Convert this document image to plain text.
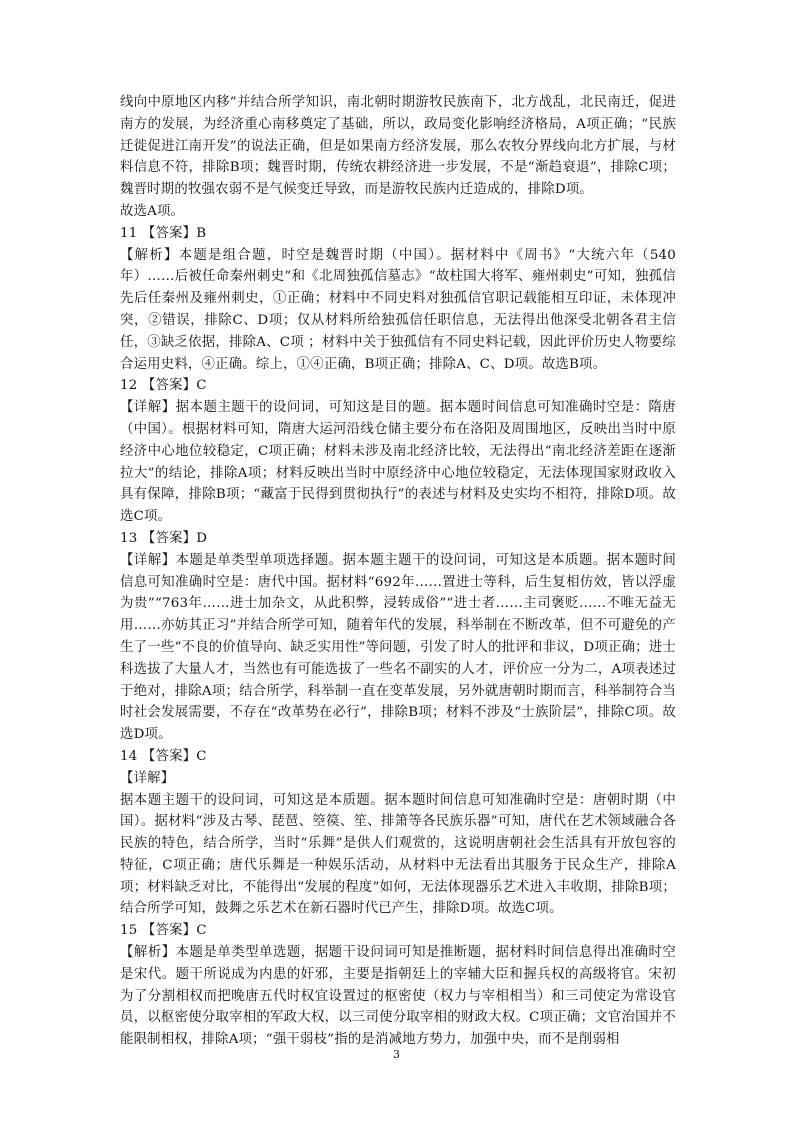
线向中原地区内移”并结合所学知识，南北朝时期游牧民族南下，北方战乱，北民南迁，促进南方的发展，为经济重心南移奠定了基础，所以，政局变化影响经济格局，A项正确；“民族迁徙促进江南开发”的说法正确，但是如果南方经济发展，那么农牧分界线向北方扩展，与材料信息不符，排除B项；魏晋时期，传统农耕经济进一步发展，不是“渐趋衰退”，排除C项；魏晋时期的牧强农弱不是气候变迁导致，而是游牧民族内迁造成的，排除D项。

故选A项。

11 【答案】B

【解析】本题是组合题，时空是魏晋时期（中国）。据材料中《周书》“大统六年（540年）……后被任命秦州刺史”和《北周独孤信墓志》“故柱国大将军、雍州刺史”可知，独孤信先后任秦州及雍州刺史，①正确；材料中不同史料对独孤信官职记载能相互印证，未体现冲突，②错误，排除C、D项；仅从材料所给独孤信任职信息，无法得出他深受北朝各君主信任，③缺乏依据，排除A、C项 ；材料中关于独孤信有不同史料记载，因此评价历史人物要综合运用史料，④正确。综上，①④正确，B项正确；排除A、C、D项。故选B项。

12 【答案】C

【详解】据本题主题干的设问词，可知这是目的题。据本题时间信息可知准确时空是：隋唐（中国）。根据材料可知，隋唐大运河沿线仓储主要分布在洛阳及周围地区，反映出当时中原经济中心地位较稳定，C项正确；材料未涉及南北经济比较，无法得出“南北经济差距在逐渐拉大”的结论，排除A项；材料反映出当时中原经济中心地位较稳定，无法体现国家财政收入具有保障，排除B项；“藏富于民得到贯彻执行”的表述与材料及史实均不相符，排除D项。故选C项。

13 【答案】D

【详解】本题是单类型单项选择题。据本题主题干的设问词，可知这是本质题。据本题时间信息可知准确时空是：唐代中国。据材料“692年……置进士等科，后生复相仿效，皆以浮虚为贵”“763年……进士加杂文，从此积弊，浸转成俗”“进士者……主司褒贬……不唯无益无用……亦妨其正习”并结合所学可知，随着年代的发展，科举制在不断改革，但不可避免的产生了一些“不良的价值导向、缺乏实用性”等问题，引发了时人的批评和非议，D项正确；进士科选拔了大量人才，当然也有可能选拔了一些名不副实的人才，评价应一分为二，A项表述过于绝对，排除A项；结合所学，科举制一直在变革发展，另外就唐朝时期而言，科举制符合当时社会发展需要，不存在“改革势在必行”，排除B项；材料不涉及“士族阶层”，排除C项。故选D项。

14 【答案】C

【详解】

据本题主题干的设问词，可知这是本质题。据本题时间信息可知准确时空是：唐朝时期（中国）。据材料“涉及古琴、琵琶、箜篌、笙、排箫等各民族乐器”可知，唐代在艺术领域融合各民族的特色，结合所学，当时“乐舞”是供人们观赏的，这说明唐朝社会生活具有开放包容的特征，C项正确；唐代乐舞是一种娱乐活动，从材料中无法看出其服务于民众生产，排除A项；材料缺乏对比，不能得出“发展的程度”如何，无法体现器乐艺术进入丰收期，排除B项；结合所学可知，鼓舞之乐艺术在新石器时代已产生，排除D项。故选C项。

15 【答案】C

【解析】本题是单类型单选题，据题干设问词可知是推断题，据材料时间信息得出准确时空是宋代。题干所说成为内患的奸邪，主要是指朝廷上的宰辅大臣和握兵权的高级将官。宋初为了分割相权而把晚唐五代时权宜设置过的枢密使（权力与宰相相当）和三司使定为常设官员，以枢密使分取宰相的军政大权，以三司使分取宰相的财政大权。C项正确；文官治国并不能限制相权，排除A项；“强干弱枝”指的是消减地方势力，加强中央，而不是削弱相

3
